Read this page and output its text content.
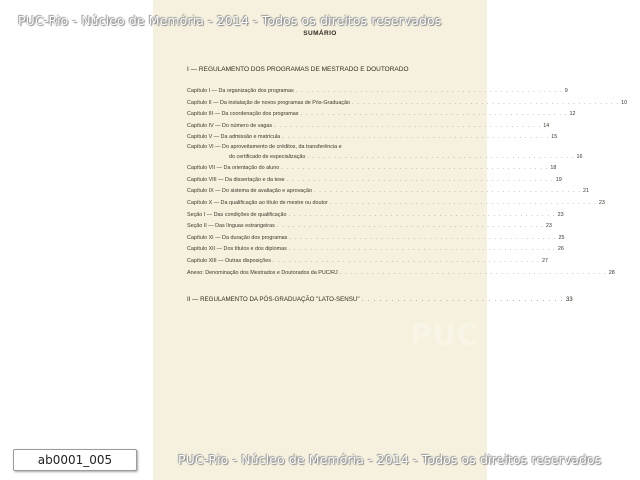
PUC-Rio - Núcleo de Memória - 2014 - Todos os direitos reservados
PUC
SUMÁRIO
I — REGULAMENTO DOS PROGRAMAS DE MESTRADO E DOUTORADO
Capítulo I — Da organização dos programas . . . . . . . . . . . . . . . . . . . . . . . . . . . . . . . . . . . . . . . . . . . . . . . . . . 9
Capítulo II — Da instalação de novos programas de Pós-Graduação . . . . . . . . . . . . . . . . . . . . . . . . . . . . . . . . . . . . . . . . . . . . . . . . . . 10
Capítulo III — Da coordenação dos programas . . . . . . . . . . . . . . . . . . . . . . . . . . . . . . . . . . . . . . . . . . . . . . . . . . 12
Capítulo IV — Do número de vagas . . . . . . . . . . . . . . . . . . . . . . . . . . . . . . . . . . . . . . . . . . . . . . . . . . 14
Capítulo V — Da admissão e matrícula . . . . . . . . . . . . . . . . . . . . . . . . . . . . . . . . . . . . . . . . . . . . . . . . . . 15
Capítulo VI — Do aproveitamento de créditos, da transferência e
do certificado de especialização . . . . . . . . . . . . . . . . . . . . . . . . . . . . . . . . . . . . . . . . . . . . . . . . . . 16
Capítulo VII — Da orientação do aluno . . . . . . . . . . . . . . . . . . . . . . . . . . . . . . . . . . . . . . . . . . . . . . . . . . 18
Capítulo VIII — Da dissertação e da tese . . . . . . . . . . . . . . . . . . . . . . . . . . . . . . . . . . . . . . . . . . . . . . . . . . 19
Capítulo IX — Do sistema de avaliação e aprovação . . . . . . . . . . . . . . . . . . . . . . . . . . . . . . . . . . . . . . . . . . . . . . . . . . 21
Capítulo X — Da qualificação ao título de mestre ou doutor . . . . . . . . . . . . . . . . . . . . . . . . . . . . . . . . . . . . . . . . . . . . . . . . . . 23
Seção I — Das condições de qualificação . . . . . . . . . . . . . . . . . . . . . . . . . . . . . . . . . . . . . . . . . . . . . . . . . . 23
Seção II — Das línguas estrangeiras . . . . . . . . . . . . . . . . . . . . . . . . . . . . . . . . . . . . . . . . . . . . . . . . . . 23
Capítulo XI — Da duração dos programas . . . . . . . . . . . . . . . . . . . . . . . . . . . . . . . . . . . . . . . . . . . . . . . . . . 25
Capítulo XII — Dos títulos e dos diplomas . . . . . . . . . . . . . . . . . . . . . . . . . . . . . . . . . . . . . . . . . . . . . . . . . . 26
Capítulo XIII — Outras disposições . . . . . . . . . . . . . . . . . . . . . . . . . . . . . . . . . . . . . . . . . . . . . . . . . . 27
Anexo: Denominação dos Mestrados e Doutorados da PUC/RJ . . . . . . . . . . . . . . . . . . . . . . . . . . . . . . . . . . . . . . . . . . . . . . . . . . 28
II — REGULAMENTO DA PÓS-GRADUAÇÃO "LATO-SENSU" . . . . . . . . . . . . . . . . . . . . . . . . . . . . . . . . . . 33
PUC-Rio - Núcleo de Memória - 2014 - Todos os direitos reservados
ab0001_005
